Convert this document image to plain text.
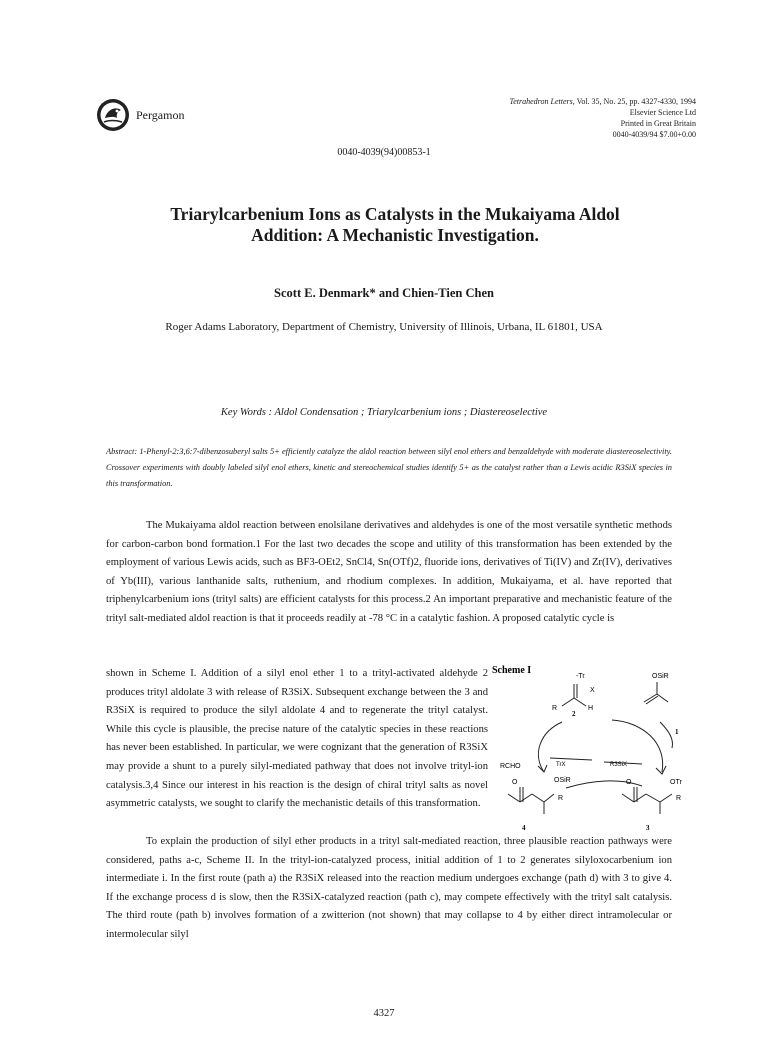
Pergamon
Tetrahedron Letters, Vol. 35, No. 25, pp. 4327-4330, 1994
Elsevier Science Ltd
Printed in Great Britain
0040-4039/94 $7.00+0.00
0040-4039(94)00853-1
Triarylcarbenium Ions as Catalysts in the Mukaiyama Aldol
Addition: A Mechanistic Investigation.
Scott E. Denmark* and Chien-Tien Chen
Roger Adams Laboratory, Department of Chemistry, University of Illinois, Urbana, IL 61801, USA
Key Words : Aldol Condensation ; Triarylcarbenium ions ; Diastereoselective
Abstract: 1-Phenyl-2:3,6:7-dibenzosuberyl salts 5+ efficiently catalyze the aldol reaction between silyl enol ethers and benzaldehyde with moderate diastereoselectivity. Crossover experiments with doubly labeled silyl enol ethers, kinetic and stereochemical studies identify 5+ as the catalyst rather than a Lewis acidic R3SiX species in this transformation.
The Mukaiyama aldol reaction between enolsilane derivatives and aldehydes is one of the most versatile synthetic methods for carbon-carbon bond formation.1 For the last two decades the scope and utility of this transformation has been extended by the employment of various Lewis acids, such as BF3-OEt2, SnCl4, Sn(OTf)2, fluoride ions, derivatives of Ti(IV) and Zr(IV), derivatives of Yb(III), various lanthanide salts, ruthenium, and rhodium complexes. In addition, Mukaiyama, et al. have reported that triphenylcarbenium ions (trityl salts) are efficient catalysts for this process.2 An important preparative and mechanistic feature of the trityl salt-mediated aldol reaction is that it proceeds readily at -78 °C in a catalytic fashion. A proposed catalytic cycle is
shown in Scheme I. Addition of a silyl enol ether 1 to a trityl-activated aldehyde 2 produces trityl aldolate 3 with release of R3SiX. Subsequent exchange between the 3 and R3SiX is required to produce the silyl aldolate 4 and to regenerate the trityl catalyst. While this cycle is plausible, the precise nature of the catalytic species in these reactions has never been established. In particular, we were cognizant that the generation of R3SiX may provide a shunt to a purely silyl-mediated pathway that does not involve trityl-ion catalysis.3,4 Since our interest in his reaction is the design of chiral trityl salts as novel asymmetric catalysts, we sought to clarify the mechanistic details of this transformation.
Scheme I
-Tr
X
R	H
2
OSiR
1
RCHO	TrX	R3SiX
O	OSiR
R
4
O	OTr
R
3
To explain the production of silyl ether products in a trityl salt-mediated reaction, three plausible reaction pathways were considered, paths a-c, Scheme II. In the trityl-ion-catalyzed process, initial addition of 1 to 2 generates silyloxocarbenium ion intermediate i. In the first route (path a) the R3SiX released into the reaction medium undergoes exchange (path d) with 3 to give 4. If the exchange process d is slow, then the R3SiX-catalyzed reaction (path c), may compete effectively with the trityl salt catalysis. The third route (path b) involves formation of a zwitterion (not shown) that may collapse to 4 by either direct intramolecular or intermolecular silyl
4327
